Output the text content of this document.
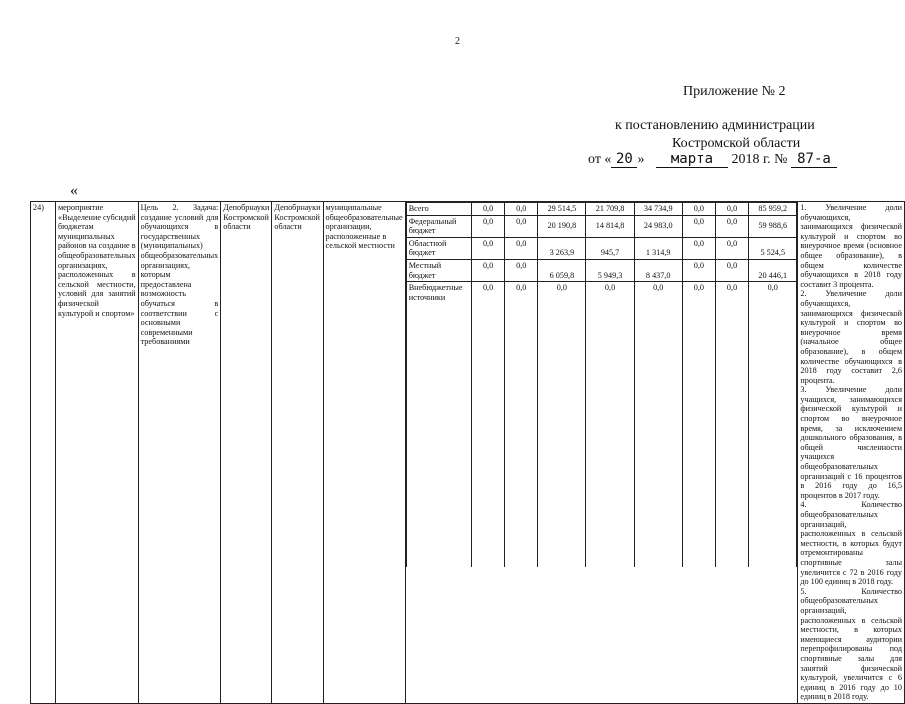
2
Приложение № 2
к постановлению администрации
Костромской области
от « 20 » марта 2018 г. № 87-а
«
24)	мероприятие «Выделение субсидий бюджетам муниципальных районов на создание в общеобразовательных организациях, расположенных в сельской местности, условий для занятий физической культурой и спортом»	Цель 2. Задача: создание условий для обучающихся в государственных (муниципальных) общеобразовательных организациях, которым предоставлена возможность обучаться в соответствии с основными современными требованиями	Депобрнауки Костромской области	Депобрнауки Костромской области	муниципальные общеобразовательные организации, расположенные в сельской местности	
Всего	0,0	0,0	29 514,5	21 709,8	34 734,9	0,0	0,0	85 959,2
Федеральный бюджет	0,0	0,0	20 190,8	14 814,8	24 983,0	0,0	0,0	59 988,6
Областной бюджет	0,0	0,0	3 263,9	945,7	1 314,9	0,0	0,0	5 524,5
Местный бюджет	0,0	0,0	6 059,8	5 949,3	8 437,0	0,0	0,0	20 446,1
Внебюджетные источники	0,0	0,0	0,0	0,0	0,0	0,0	0,0	0,0

1. Увеличение доли обучающихся, занимающихся физической культурой и спортом во внеурочное время (основное общее образование), в общем количестве обучающихся в 2018 году составит 3 процента.
2. Увеличение доли обучающихся, занимающихся физической культурой и спортом во внеурочное время (начальное общее образование), в общем количестве обучающихся в 2018 году составит 2,6 процента.
3. Увеличение доли учащихся, занимающихся физической культурой и спортом во внеурочное время, за исключением дошкольного образования, в общей численности учащихся общеобразовательных организаций с 16 процентов в 2016 году до 16,5 процентов в 2017 году.
4. Количество общеобразовательных организаций, расположенных в сельской местности, в которых будут отремонтированы спортивные залы увеличится с 72 в 2016 году до 100 единиц в 2018 году.
5. Количество общеобразовательных организаций, расположенных в сельской местности, в которых имеющиеся аудитории перепрофилированы под спортивные залы для занятий физической культурой, увеличится с 6 единиц в 2016 году до 10 единиц в 2018 году.
